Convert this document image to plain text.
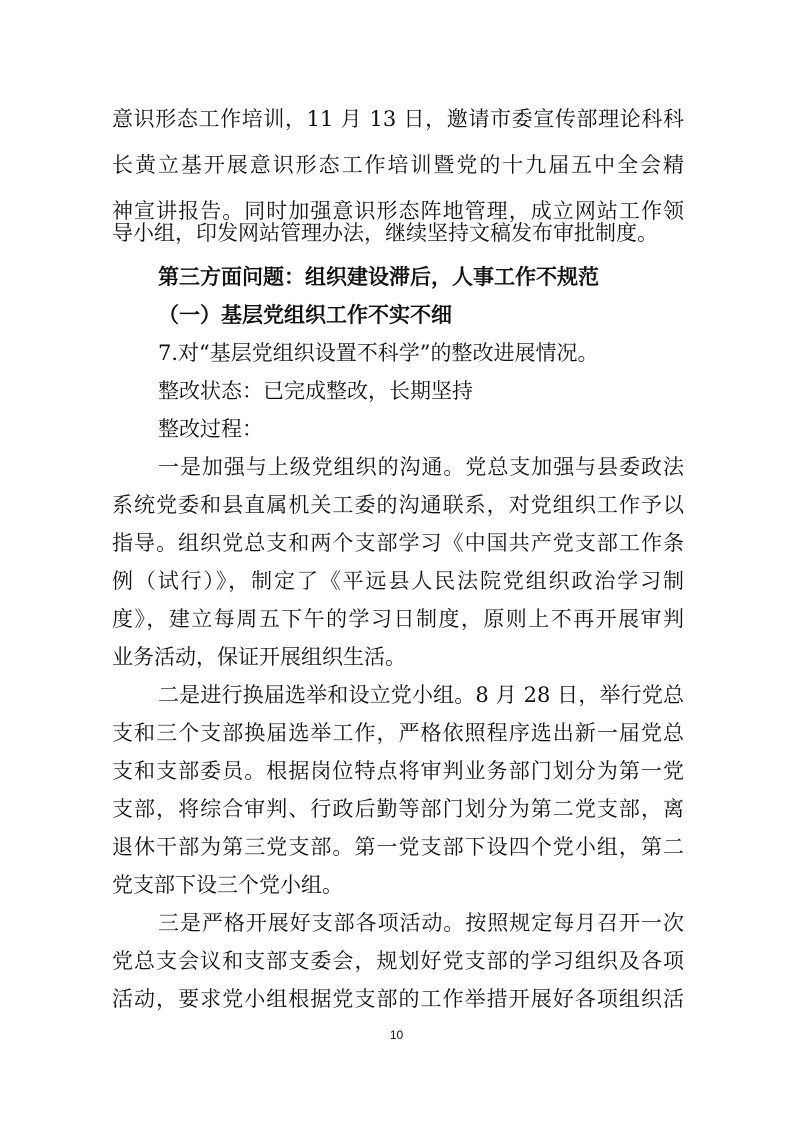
意识形态工作培训，11 月 13 日，邀请市委宣传部理论科科
长黄立基开展意识形态工作培训暨党的十九届五中全会精
神宣讲报告。同时加强意识形态阵地管理，成立网站工作领
导小组，印发网站管理办法，继续坚持文稿发布审批制度。
第三方面问题：组织建设滞后，人事工作不规范
（一）基层党组织工作不实不细
7.对“基层党组织设置不科学”的整改进展情况。
整改状态：已完成整改，长期坚持
整改过程：
一是加强与上级党组织的沟通。党总支加强与县委政法
系统党委和县直属机关工委的沟通联系，对党组织工作予以
指导。组织党总支和两个支部学习《中国共产党支部工作条
例（试行）》，制定了《平远县人民法院党组织政治学习制
度》，建立每周五下午的学习日制度，原则上不再开展审判
业务活动，保证开展组织生活。
二是进行换届选举和设立党小组。8 月 28 日，举行党总
支和三个支部换届选举工作，严格依照程序选出新一届党总
支和支部委员。根据岗位特点将审判业务部门划分为第一党
支部，将综合审判、行政后勤等部门划分为第二党支部，离
退休干部为第三党支部。第一党支部下设四个党小组，第二
党支部下设三个党小组。
三是严格开展好支部各项活动。按照规定每月召开一次
党总支会议和支部支委会，规划好党支部的学习组织及各项
活动，要求党小组根据党支部的工作举措开展好各项组织活
10
